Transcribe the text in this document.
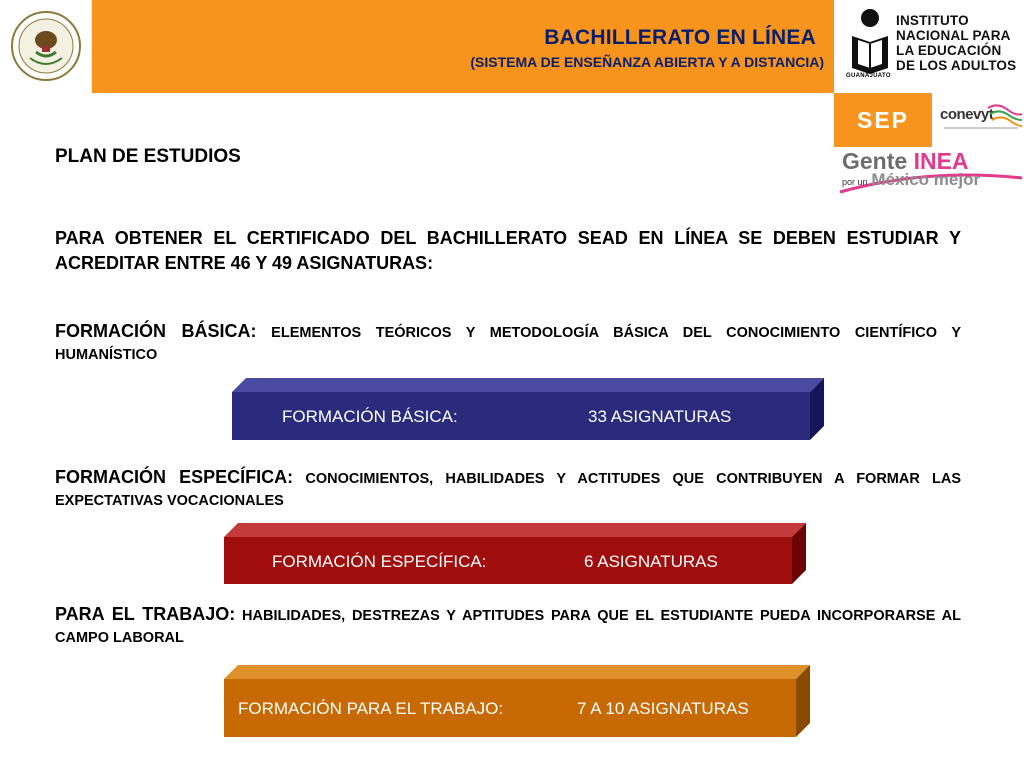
BACHILLERATO EN LÍNEA
(SISTEMA DE ENSEÑANZA ABIERTA Y A DISTANCIA)
GUANAJUATO
INSTITUTO
NACIONAL PARA
LA EDUCACIÓN
DE LOS ADULTOS
SEP conevyt
Gente INEA
por un México mejor
PLAN DE ESTUDIOS
PARA OBTENER EL CERTIFICADO DEL BACHILLERATO SEAD EN LÍNEA SE DEBEN ESTUDIAR Y ACREDITAR ENTRE 46 Y 49 ASIGNATURAS:
FORMACIÓN BÁSICA: ELEMENTOS TEÓRICOS Y METODOLOGÍA BÁSICA DEL CONOCIMIENTO CIENTÍFICO Y HUMANÍSTICO
FORMACIÓN BÁSICA:	33 ASIGNATURAS
FORMACIÓN ESPECÍFICA: CONOCIMIENTOS, HABILIDADES Y ACTITUDES QUE CONTRIBUYEN A FORMAR LAS EXPECTATIVAS VOCACIONALES
FORMACIÓN ESPECÍFICA:	6 ASIGNATURAS
PARA EL TRABAJO: HABILIDADES, DESTREZAS Y APTITUDES PARA QUE EL ESTUDIANTE PUEDA INCORPORARSE AL CAMPO LABORAL
FORMACIÓN PARA EL TRABAJO:	7 A 10 ASIGNATURAS
